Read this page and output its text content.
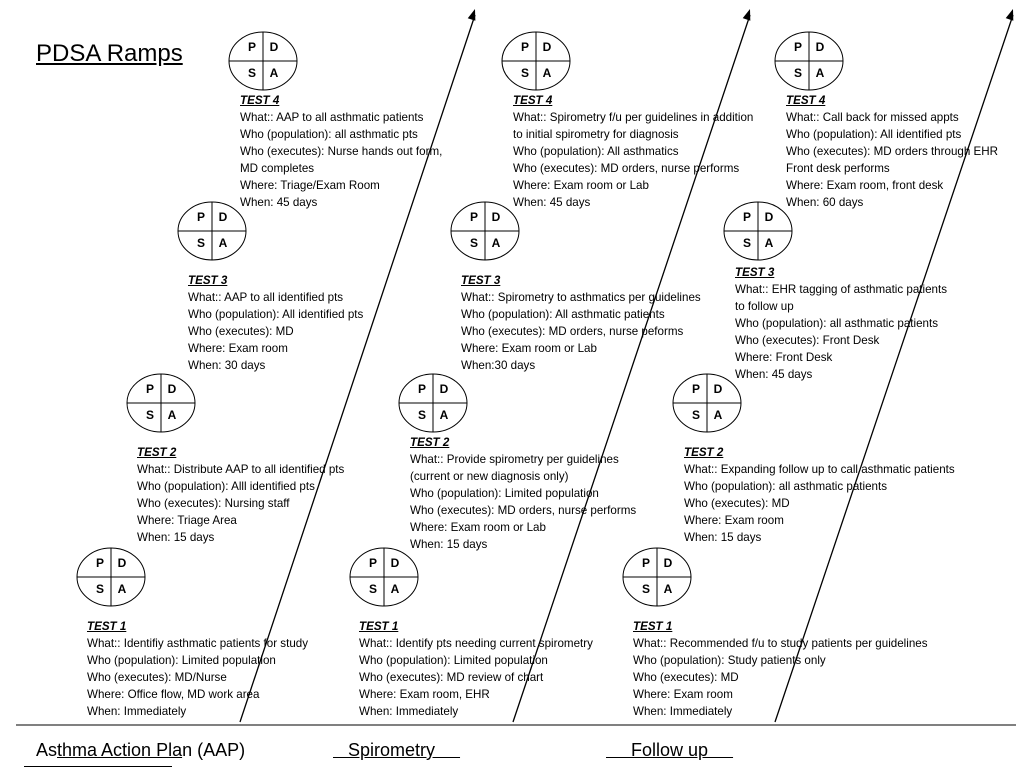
PDSA Ramps
P D
S A
P D
S A
P D
S A
P D
S A
P D
S A
P D
S A
P D
S A
P D
S A
P D
S A
P D
S A
P D
S A
P D
S A
TEST 1
What:: Identifiy asthmatic patients for study
Who (population): Limited population
Who (executes): MD/Nurse
Where: Office flow, MD work area
When: Immediately
TEST 2
What:: Distribute AAP to all identified pts
Who (population): Alll identified pts
Who (executes): Nursing staff
Where: Triage Area
When: 15 days
TEST 3
What:: AAP to all identified pts
Who (population): All identified pts
Who (executes): MD
Where: Exam room
When: 30 days
TEST 4
What:: AAP to all asthmatic patients
Who (population): all asthmatic pts
Who (executes): Nurse hands out form,
MD completes
Where: Triage/Exam Room
When: 45 days
TEST 1
What:: Identify pts needing current spirometry
Who (population): Limited population
Who (executes): MD review of chart
Where: Exam room, EHR
When: Immediately
TEST 2
What:: Provide spirometry per guidelines
(current or new diagnosis only)
Who (population): Limited population
Who (executes): MD orders, nurse performs
Where: Exam room or Lab
When: 15 days
TEST 3
What:: Spirometry to asthmatics per guidelines
Who (population): All asthmatic patients
Who (executes): MD orders, nurse peforms
Where: Exam room or Lab
When:30 days
TEST 4
What:: Spirometry f/u per guidelines in addition
to initial spirometry for diagnosis
Who (population): All asthmatics
Who (executes): MD orders, nurse performs
Where: Exam room or Lab
When: 45 days
TEST 1
What:: Recommended f/u to study patients per guidelines
Who (population): Study patients only
Who (executes): MD
Where: Exam room
When: Immediately
TEST 2
What:: Expanding follow up to call asthmatic patients
Who (population): all asthmatic patients
Who (executes): MD
Where: Exam room
When: 15 days
TEST 3
What:: EHR tagging of asthmatic patients
to follow up
Who (population): all asthmatic patients
Who (executes): Front Desk
Where: Front Desk
When: 45 days
TEST 4
What:: Call back for missed appts
Who (population): All identified pts
Who (executes): MD orders through EHR
Front desk performs
Where: Exam room, front desk
When: 60 days
Asthma Action Plan (AAP)	Spirometry	Follow up
